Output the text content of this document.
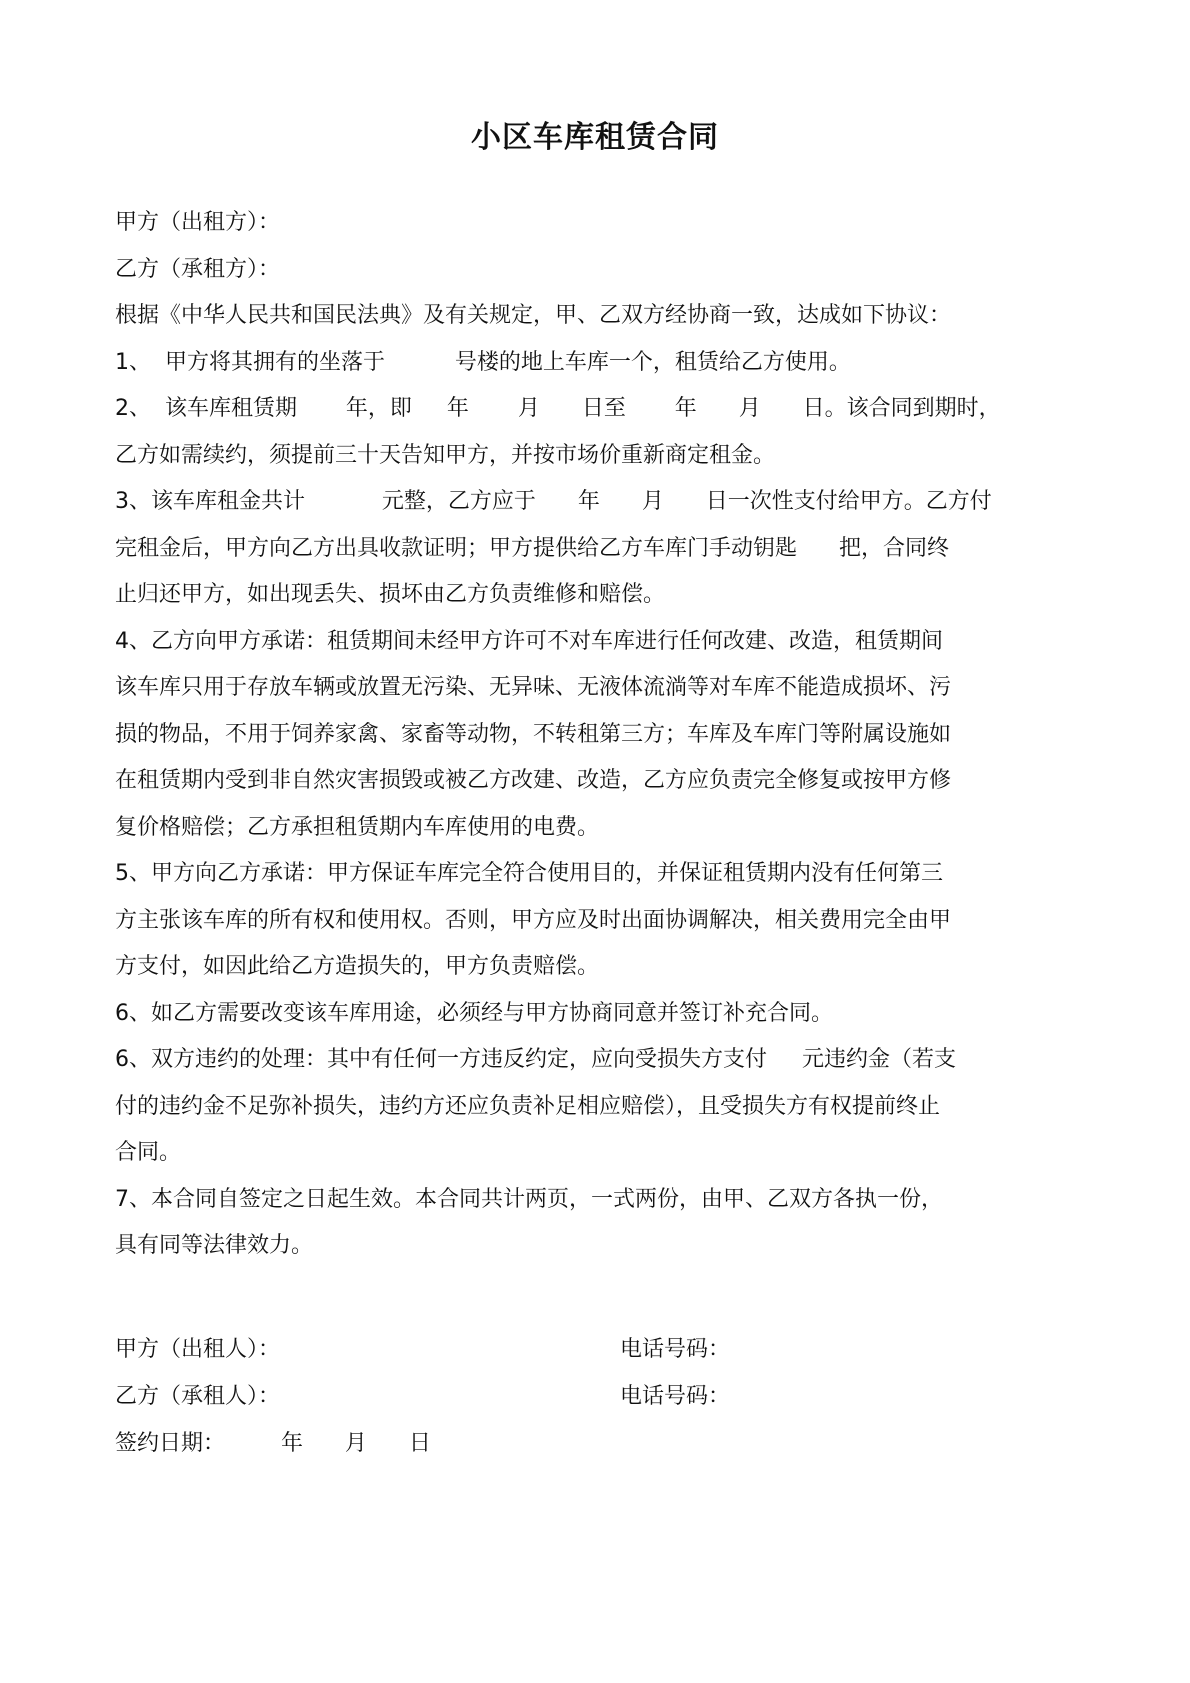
小区车库租赁合同
甲方（出租方）：
乙方（承租方）：
根据《中华人民共和国民法典》及有关规定，甲、乙双方经协商一致，达成如下协议：
1、  甲方将其拥有的坐落于          号楼的地上车库一个，租赁给乙方使用。
2、  该车库租赁期       年，即     年       月      日至       年      月      日。该合同到期时，
乙方如需续约，须提前三十天告知甲方，并按市场价重新商定租金。
3、该车库租金共计           元整，乙方应于      年      月      日一次性支付给甲方。乙方付
完租金后，甲方向乙方出具收款证明；甲方提供给乙方车库门手动钥匙      把，合同终
止归还甲方，如出现丢失、损坏由乙方负责维修和赔偿。
4、乙方向甲方承诺：租赁期间未经甲方许可不对车库进行任何改建、改造，租赁期间
该车库只用于存放车辆或放置无污染、无异味、无液体流淌等对车库不能造成损坏、污
损的物品，不用于饲养家禽、家畜等动物，不转租第三方；车库及车库门等附属设施如
在租赁期内受到非自然灾害损毁或被乙方改建、改造，乙方应负责完全修复或按甲方修
复价格赔偿；乙方承担租赁期内车库使用的电费。
5、甲方向乙方承诺：甲方保证车库完全符合使用目的，并保证租赁期内没有任何第三
方主张该车库的所有权和使用权。否则，甲方应及时出面协调解决，相关费用完全由甲
方支付，如因此给乙方造损失的，甲方负责赔偿。
6、如乙方需要改变该车库用途，必须经与甲方协商同意并签订补充合同。
6、双方违约的处理：其中有任何一方违反约定，应向受损失方支付     元违约金（若支
付的违约金不足弥补损失，违约方还应负责补足相应赔偿），且受损失方有权提前终止
合同。
7、本合同自签定之日起生效。本合同共计两页，一式两份，由甲、乙双方各执一份，
具有同等法律效力。
甲方（出租人）：	电话号码：
乙方（承租人）：	电话号码：
签约日期：        年      月      日
